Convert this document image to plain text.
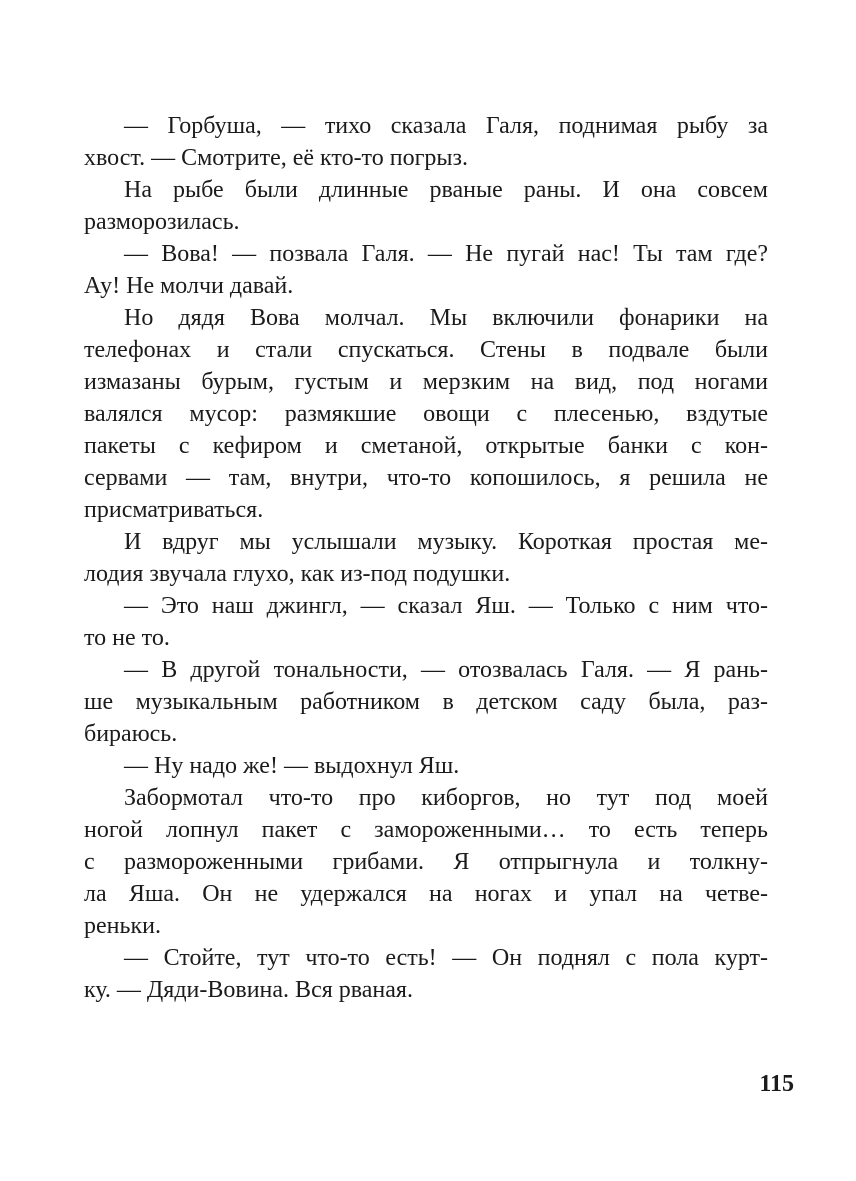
— Горбуша, — тихо сказала Галя, поднимая рыбу за
хвост. — Смотрите, её кто-то погрыз.
На рыбе были длинные рваные раны. И она совсем
разморозилась.
— Вова! — позвала Галя. — Не пугай нас! Ты там где?
Ау! Не молчи давай.
Но дядя Вова молчал. Мы включили фонарики на
телефонах и стали спускаться. Стены в подвале были
измазаны бурым, густым и мерзким на вид, под ногами
валялся мусор: размякшие овощи с плесенью, вздутые
пакеты с кефиром и сметаной, открытые банки с кон-
сервами — там, внутри, что-то копошилось, я решила не
присматриваться.
И вдруг мы услышали музыку. Короткая простая ме-
лодия звучала глухо, как из-под подушки.
— Это наш джингл, — сказал Яш. — Только с ним что-
то не то.
— В другой тональности, — отозвалась Галя. — Я рань-
ше музыкальным работником в детском саду была, раз-
бираюсь.
— Ну надо же! — выдохнул Яш.
Забормотал что-то про киборгов, но тут под моей
ногой лопнул пакет с замороженными… то есть теперь
с размороженными грибами. Я отпрыгнула и толкну-
ла Яша. Он не удержался на ногах и упал на четве-
реньки.
— Стойте, тут что-то есть! — Он поднял с пола курт-
ку. — Дяди-Вовина. Вся рваная.
115
